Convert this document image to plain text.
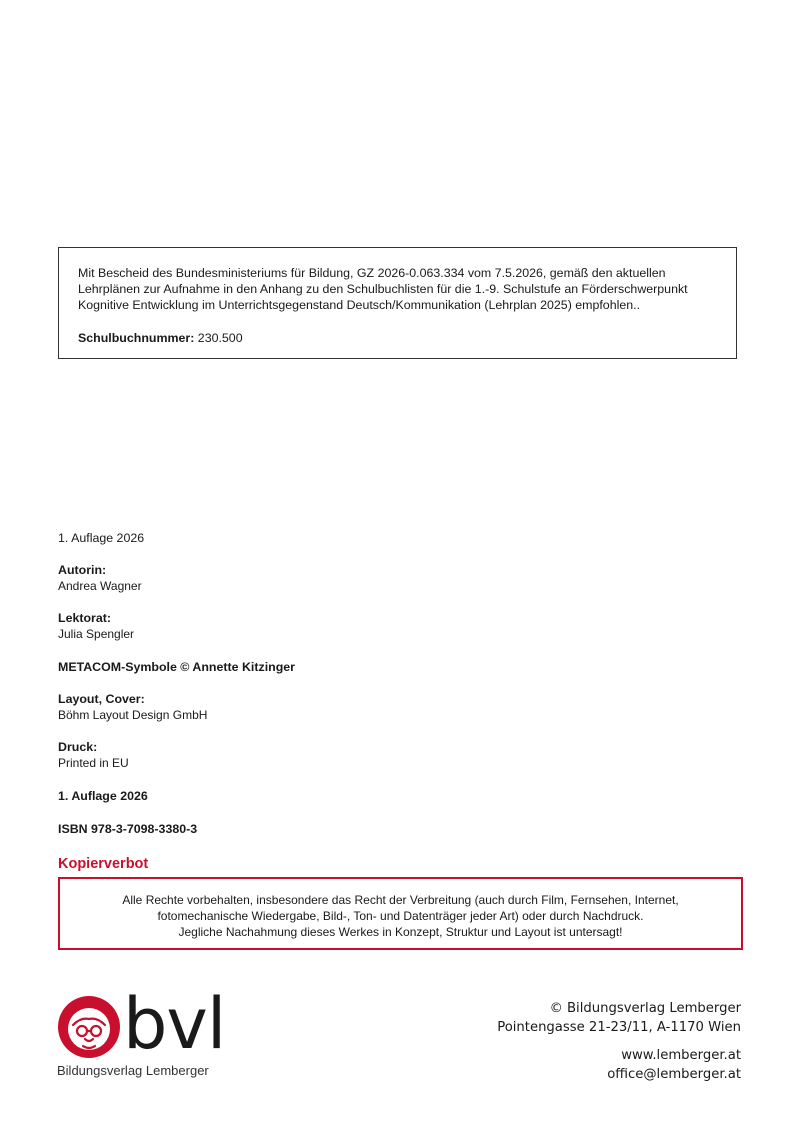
Mit Bescheid des Bundesministeriums für Bildung, GZ 2026-0.063.334 vom 7.5.2026, gemäß den aktuellen

Lehrplänen zur Aufnahme in den Anhang zu den Schulbuchlisten für die 1.-9. Schulstufe an Förderschwerpunkt

Kognitive Entwicklung im Unterrichtsgegenstand Deutsch/Kommunikation (Lehrplan 2025) empfohlen..

Schulbuchnummer: 230.500

1. Auflage 2026
Autorin:
Andrea Wagner
Lektorat:
Julia Spengler
METACOM-Symbole © Annette Kitzinger
Layout, Cover:
Böhm Layout Design GmbH
Druck:
Printed in EU
1. Auflage 2026
ISBN 978-3-7098-3380-3
Kopierverbot
Alle Rechte vorbehalten, insbesondere das Recht der Verbreitung (auch durch Film, Fernsehen, Internet,
fotomechanische Wiedergabe, Bild-, Ton- und Datenträger jeder Art) oder durch Nachdruck.
Jegliche Nachahmung dieses Werkes in Konzept, Struktur und Layout ist untersagt!
bvl
Bildungsverlag Lemberger
© Bildungsverlag Lemberger
Pointengasse 21-23/11, A-1170 Wien
www.lemberger.at
office@lemberger.at
